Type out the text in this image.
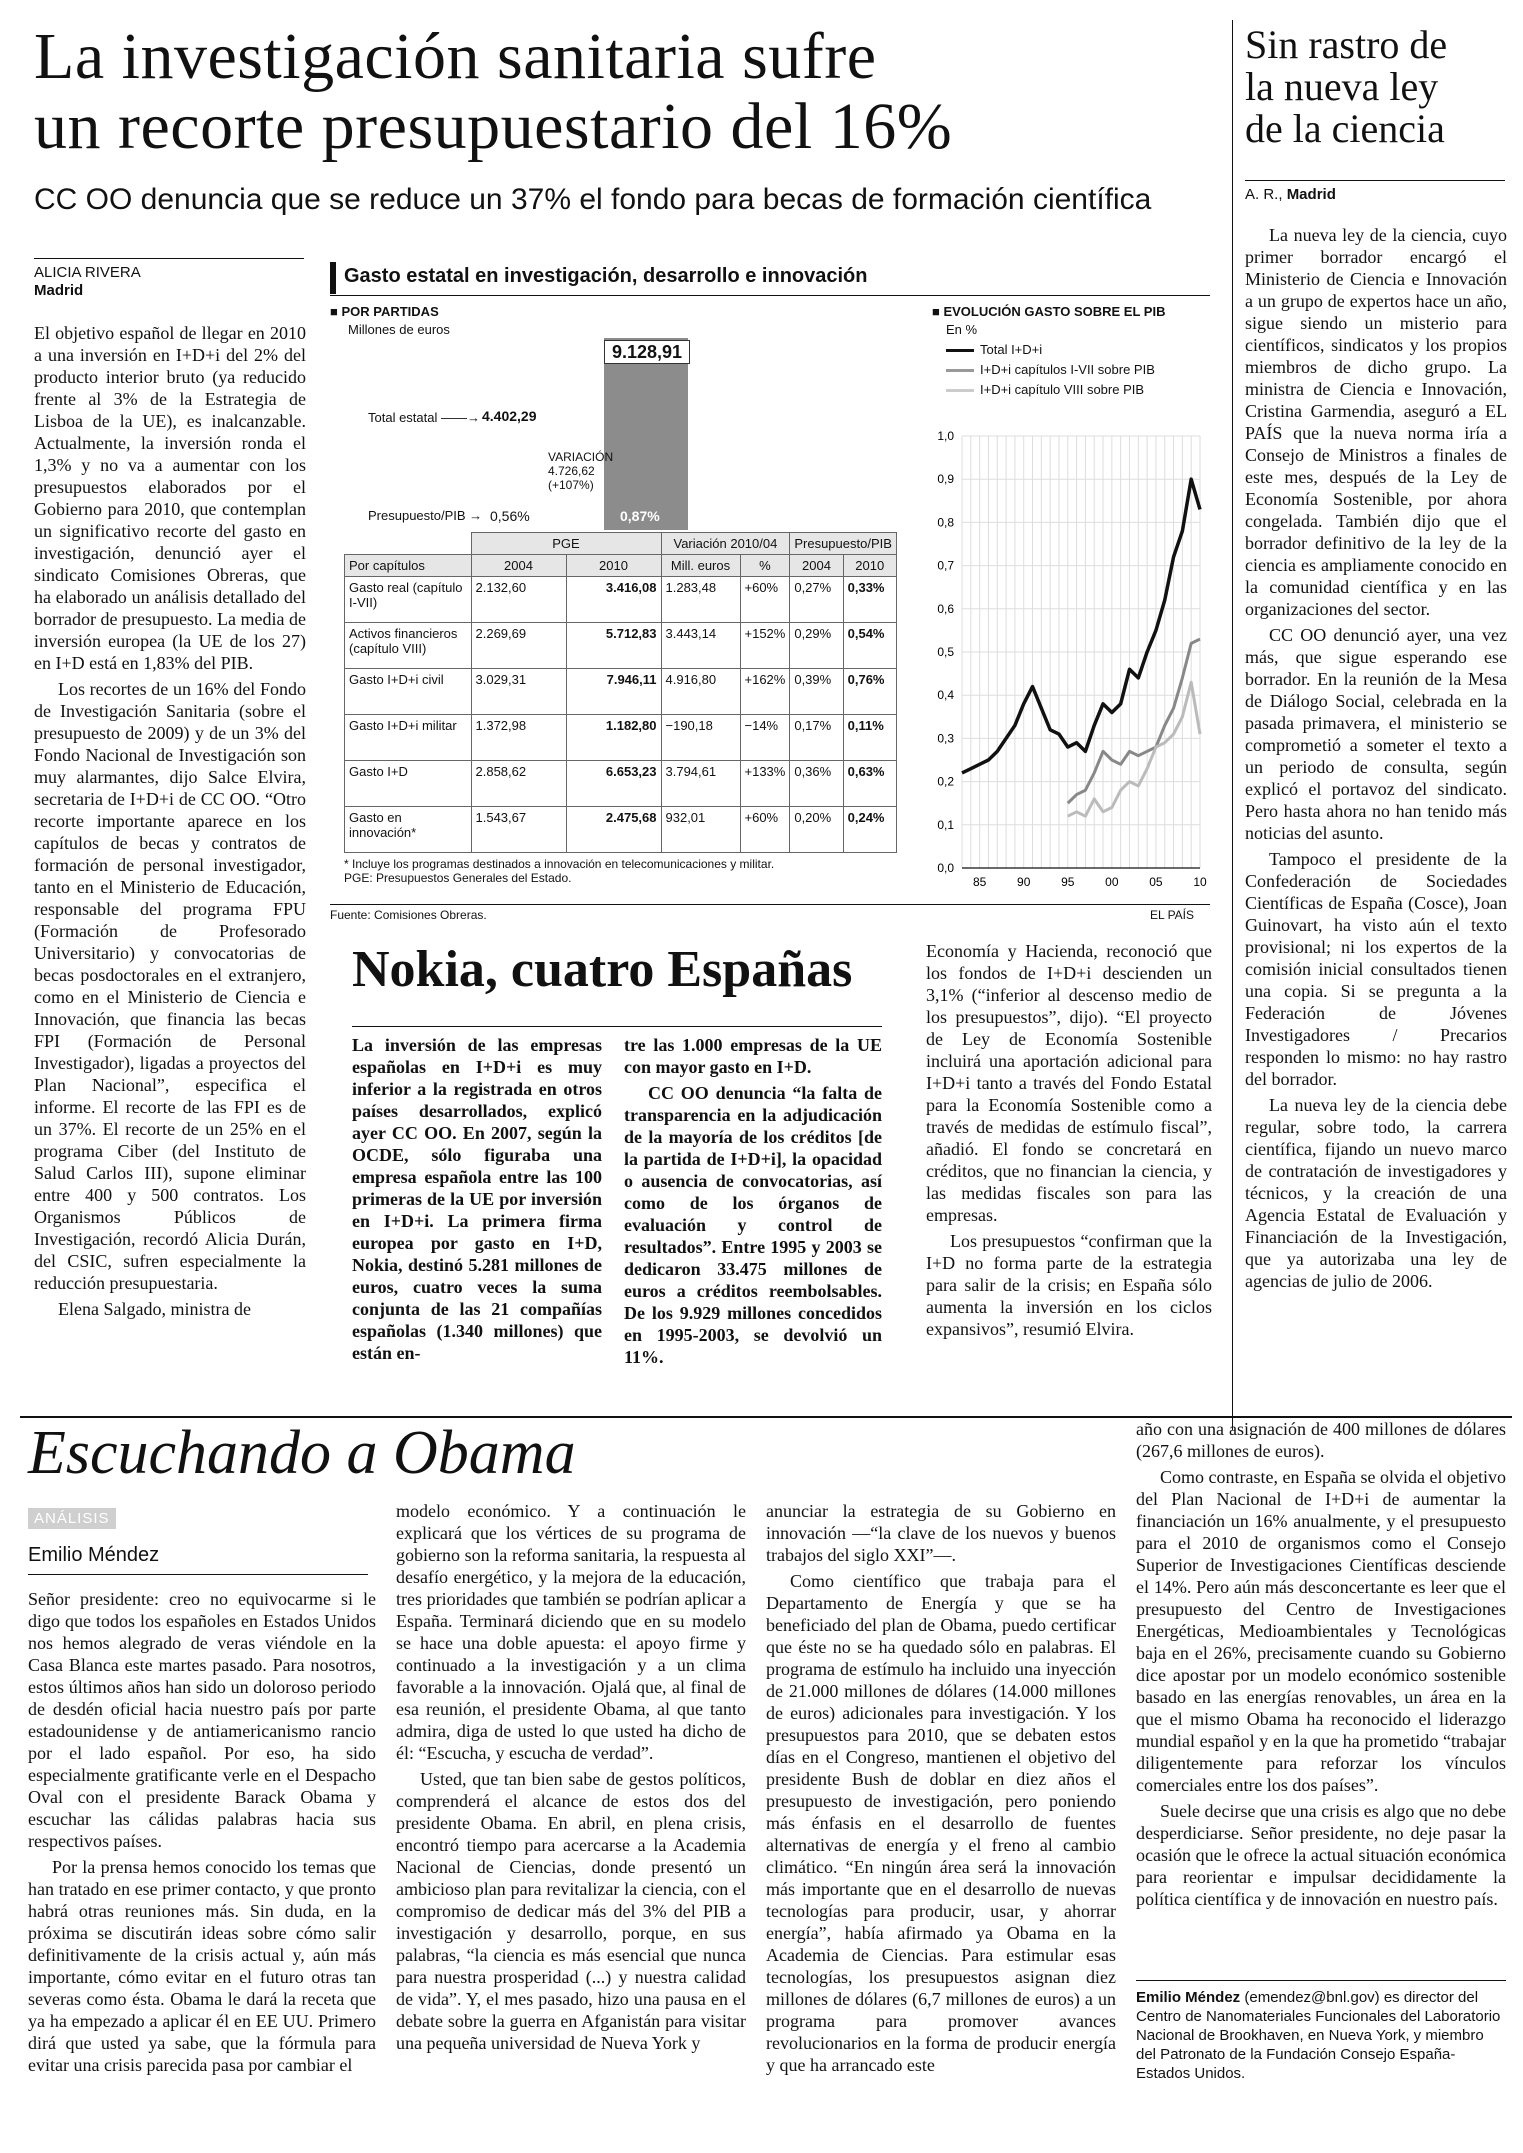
La investigación sanitaria sufre
un recorte presupuestario del 16%
CC OO denuncia que se reduce un 37% el fondo para becas de formación científica
Sin rastro de
la nueva ley
de la ciencia
A. R., Madrid
ALICIA RIVERA
Madrid

El objetivo español de llegar en 2010 a una inversión en I+D+i del 2% del producto interior bruto (ya reducido frente al 3% de la Estrategia de Lisboa de la UE), es inalcanzable. Actualmente, la inversión ronda el 1,3% y no va a aumentar con los presupuestos elaborados por el Gobierno para 2010, que contemplan un significativo recorte del gasto en investigación, denunció ayer el sindicato Comisiones Obreras, que ha elaborado un análisis detallado del borrador de presupuesto. La media de inversión europea (la UE de los 27) en I+D está en 1,83% del PIB.

Los recortes de un 16% del Fondo de Investigación Sanitaria (sobre el presupuesto de 2009) y de un 3% del Fondo Nacional de Investigación son muy alarmantes, dijo Salce Elvira, secretaria de I+D+i de CC OO. “Otro recorte importante aparece en los capítulos de becas y contratos de formación de personal investigador, tanto en el Ministerio de Educación, responsable del programa FPU (Formación de Profesorado Universitario) y convocatorias de becas posdoctorales en el extranjero, como en el Ministerio de Ciencia e Innovación, que financia las becas FPI (Formación de Personal Investigador), ligadas a proyectos del Plan Nacional”, especifica el informe. El recorte de las FPI es de un 37%. El recorte de un 25% en el programa Ciber (del Instituto de Salud Carlos III), supone eliminar entre 400 y 500 contratos. Los Organismos Públicos de Investigación, recordó Alicia Durán, del CSIC, sufren especialmente la reducción presupuestaria.

Elena Salgado, ministra de

Gasto estatal en investigación, desarrollo e innovación
■ POR PARTIDAS
Millones de euros
9.128,91
Total estatal ——→ 4.402,29
VARIACIÓN
4.726,62
(+107%)
Presupuesto/PIB → 0,56%	0,87%
	PGE		Variación 2010/04		Presupuesto/PIB	
Por capítulos	2004	2010	Mill. euros	%	2004	2010
Gasto real (capítulo I-VII)	2.132,60	3.416,08	1.283,48	+60%	0,27%	0,33%
Activos financieros (capítulo VIII)	2.269,69	5.712,83	3.443,14	+152%	0,29%	0,54%
Gasto I+D+i civil	3.029,31	7.946,11	4.916,80	+162%	0,39%	0,76%
Gasto I+D+i militar	1.372,98	1.182,80	−190,18	−14%	0,17%	0,11%
Gasto I+D	2.858,62	6.653,23	3.794,61	+133%	0,36%	0,63%
Gasto en innovación*	1.543,67	2.475,68	932,01	+60%	0,20%	0,24%
* Incluye los programas destinados a innovación en telecomunicaciones y militar.
PGE: Presupuestos Generales del Estado.
■ EVOLUCIÓN GASTO SOBRE EL PIB
En %
Total I+D+i
I+D+i capítulos I-VII sobre PIB
I+D+i capítulo VIII sobre PIB
1,0
0,9
0,8
0,7
0,6
0,5
0,4
0,3
0,2
0,1
0,0
85	90	95	00	05	10
Fuente: Comisiones Obreras.	EL PAÍS
Nokia, cuatro Españas
La inversión de las empresas españolas en I+D+i es muy inferior a la registrada en otros países desarrollados, explicó ayer CC OO. En 2007, según la OCDE, sólo figuraba una empresa española entre las 100 primeras de la UE por inversión en I+D+i. La primera firma europea por gasto en I+D, Nokia, destinó 5.281 millones de euros, cuatro veces la suma conjunta de las 21 compañías españolas (1.340 millones) que están en-

tre las 1.000 empresas de la UE con mayor gasto en I+D.

CC OO denuncia “la falta de transparencia en la adjudicación de la mayoría de los créditos [de la partida de I+D+i], la opacidad o ausencia de convocatorias, así como de los órganos de evaluación y control de resultados”. Entre 1995 y 2003 se dedicaron 33.475 millones de euros a créditos reembolsables. De los 9.929 millones concedidos en 1995-2003, se devolvió un 11%.

Economía y Hacienda, reconoció que los fondos de I+D+i descienden un 3,1% (“inferior al descenso medio de los presupuestos”, dijo). “El proyecto de Ley de Economía Sostenible incluirá una aportación adicional para I+D+i tanto a través del Fondo Estatal para la Economía Sostenible como a través de medidas de estímulo fiscal”, añadió. El fondo se concretará en créditos, que no financian la ciencia, y las medidas fiscales son para las empresas.

Los presupuestos “confirman que la I+D no forma parte de la estrategia para salir de la crisis; en España sólo aumenta la inversión en los ciclos expansivos”, resumió Elvira.

La nueva ley de la ciencia, cuyo primer borrador encargó el Ministerio de Ciencia e Innovación a un grupo de expertos hace un año, sigue siendo un misterio para científicos, sindicatos y los propios miembros de dicho grupo. La ministra de Ciencia e Innovación, Cristina Garmendia, aseguró a EL PAÍS que la nueva norma iría a Consejo de Ministros a finales de este mes, después de la Ley de Economía Sostenible, por ahora congelada. También dijo que el borrador definitivo de la ley de la ciencia es ampliamente conocido en la comunidad científica y en las organizaciones del sector.

CC OO denunció ayer, una vez más, que sigue esperando ese borrador. En la reunión de la Mesa de Diálogo Social, celebrada en la pasada primavera, el ministerio se comprometió a someter el texto a un periodo de consulta, según explicó el portavoz del sindicato. Pero hasta ahora no han tenido más noticias del asunto.

Tampoco el presidente de la Confederación de Sociedades Científicas de España (Cosce), Joan Guinovart, ha visto aún el texto provisional; ni los expertos de la comisión inicial consultados tienen una copia. Si se pregunta a la Federación de Jóvenes Investigadores / Precarios responden lo mismo: no hay rastro del borrador.

La nueva ley de la ciencia debe regular, sobre todo, la carrera científica, fijando un nuevo marco de contratación de investigadores y técnicos, y la creación de una Agencia Estatal de Evaluación y Financiación de la Investigación, que ya autorizaba una ley de agencias de julio de 2006.

Escuchando a Obama
ANÁLISIS
Emilio Méndez

Señor presidente: creo no equivocarme si le digo que todos los españoles en Estados Unidos nos hemos alegrado de veras viéndole en la Casa Blanca este martes pasado. Para nosotros, estos últimos años han sido un doloroso periodo de desdén oficial hacia nuestro país por parte estadounidense y de antiamericanismo rancio por el lado español. Por eso, ha sido especialmente gratificante verle en el Despacho Oval con el presidente Barack Obama y escuchar las cálidas palabras hacia sus respectivos países.

Por la prensa hemos conocido los temas que han tratado en ese primer contacto, y que pronto habrá otras reuniones más. Sin duda, en la próxima se discutirán ideas sobre cómo salir definitivamente de la crisis actual y, aún más importante, cómo evitar en el futuro otras tan severas como ésta. Obama le dará la receta que ya ha empezado a aplicar él en EE UU. Primero dirá que usted ya sabe, que la fórmula para evitar una crisis parecida pasa por cambiar el

modelo económico. Y a continuación le explicará que los vértices de su programa de gobierno son la reforma sanitaria, la respuesta al desafío energético, y la mejora de la educación, tres prioridades que también se podrían aplicar a España. Terminará diciendo que en su modelo se hace una doble apuesta: el apoyo firme y continuado a la investigación y a un clima favorable a la innovación. Ojalá que, al final de esa reunión, el presidente Obama, al que tanto admira, diga de usted lo que usted ha dicho de él: “Escucha, y escucha de verdad”.

Usted, que tan bien sabe de gestos políticos, comprenderá el alcance de estos dos del presidente Obama. En abril, en plena crisis, encontró tiempo para acercarse a la Academia Nacional de Ciencias, donde presentó un ambicioso plan para revitalizar la ciencia, con el compromiso de dedicar más del 3% del PIB a investigación y desarrollo, porque, en sus palabras, “la ciencia es más esencial que nunca para nuestra prosperidad (...) y nuestra calidad de vida”. Y, el mes pasado, hizo una pausa en el debate sobre la guerra en Afganistán para visitar una pequeña universidad de Nueva York y

anunciar la estrategia de su Gobierno en innovación —“la clave de los nuevos y buenos trabajos del siglo XXI”—.

Como científico que trabaja para el Departamento de Energía y que se ha beneficiado del plan de Obama, puedo certificar que éste no se ha quedado sólo en palabras. El programa de estímulo ha incluido una inyección de 21.000 millones de dólares (14.000 millones de euros) adicionales para investigación. Y los presupuestos para 2010, que se debaten estos días en el Congreso, mantienen el objetivo del presidente Bush de doblar en diez años el presupuesto de investigación, pero poniendo más énfasis en el desarrollo de fuentes alternativas de energía y el freno al cambio climático. “En ningún área será la innovación más importante que en el desarrollo de nuevas tecnologías para producir, usar, y ahorrar energía”, había afirmado ya Obama en la Academia de Ciencias. Para estimular esas tecnologías, los presupuestos asignan diez millones de dólares (6,7 millones de euros) a un programa para promover avances revolucionarios en la forma de producir energía y que ha arrancado este

año con una asignación de 400 millones de dólares (267,6 millones de euros).

Como contraste, en España se olvida el objetivo del Plan Nacional de I+D+i de aumentar la financiación un 16% anualmente, y el presupuesto para el 2010 de organismos como el Consejo Superior de Investigaciones Científicas desciende el 14%. Pero aún más desconcertante es leer que el presupuesto del Centro de Investigaciones Energéticas, Medioambientales y Tecnológicas baja en el 26%, precisamente cuando su Gobierno dice apostar por un modelo económico sostenible basado en las energías renovables, un área en la que el mismo Obama ha reconocido el liderazgo mundial español y en la que ha prometido “trabajar diligentemente para reforzar los vínculos comerciales entre los dos países”.

Suele decirse que una crisis es algo que no debe desperdiciarse. Señor presidente, no deje pasar la ocasión que le ofrece la actual situación económica para reorientar e impulsar decididamente la política científica y de innovación en nuestro país.

Emilio Méndez (emendez@bnl.gov) es director del Centro de Nanomateriales Funcionales del Laboratorio Nacional de Brookhaven, en Nueva York, y miembro del Patronato de la Fundación Consejo España-Estados Unidos.
